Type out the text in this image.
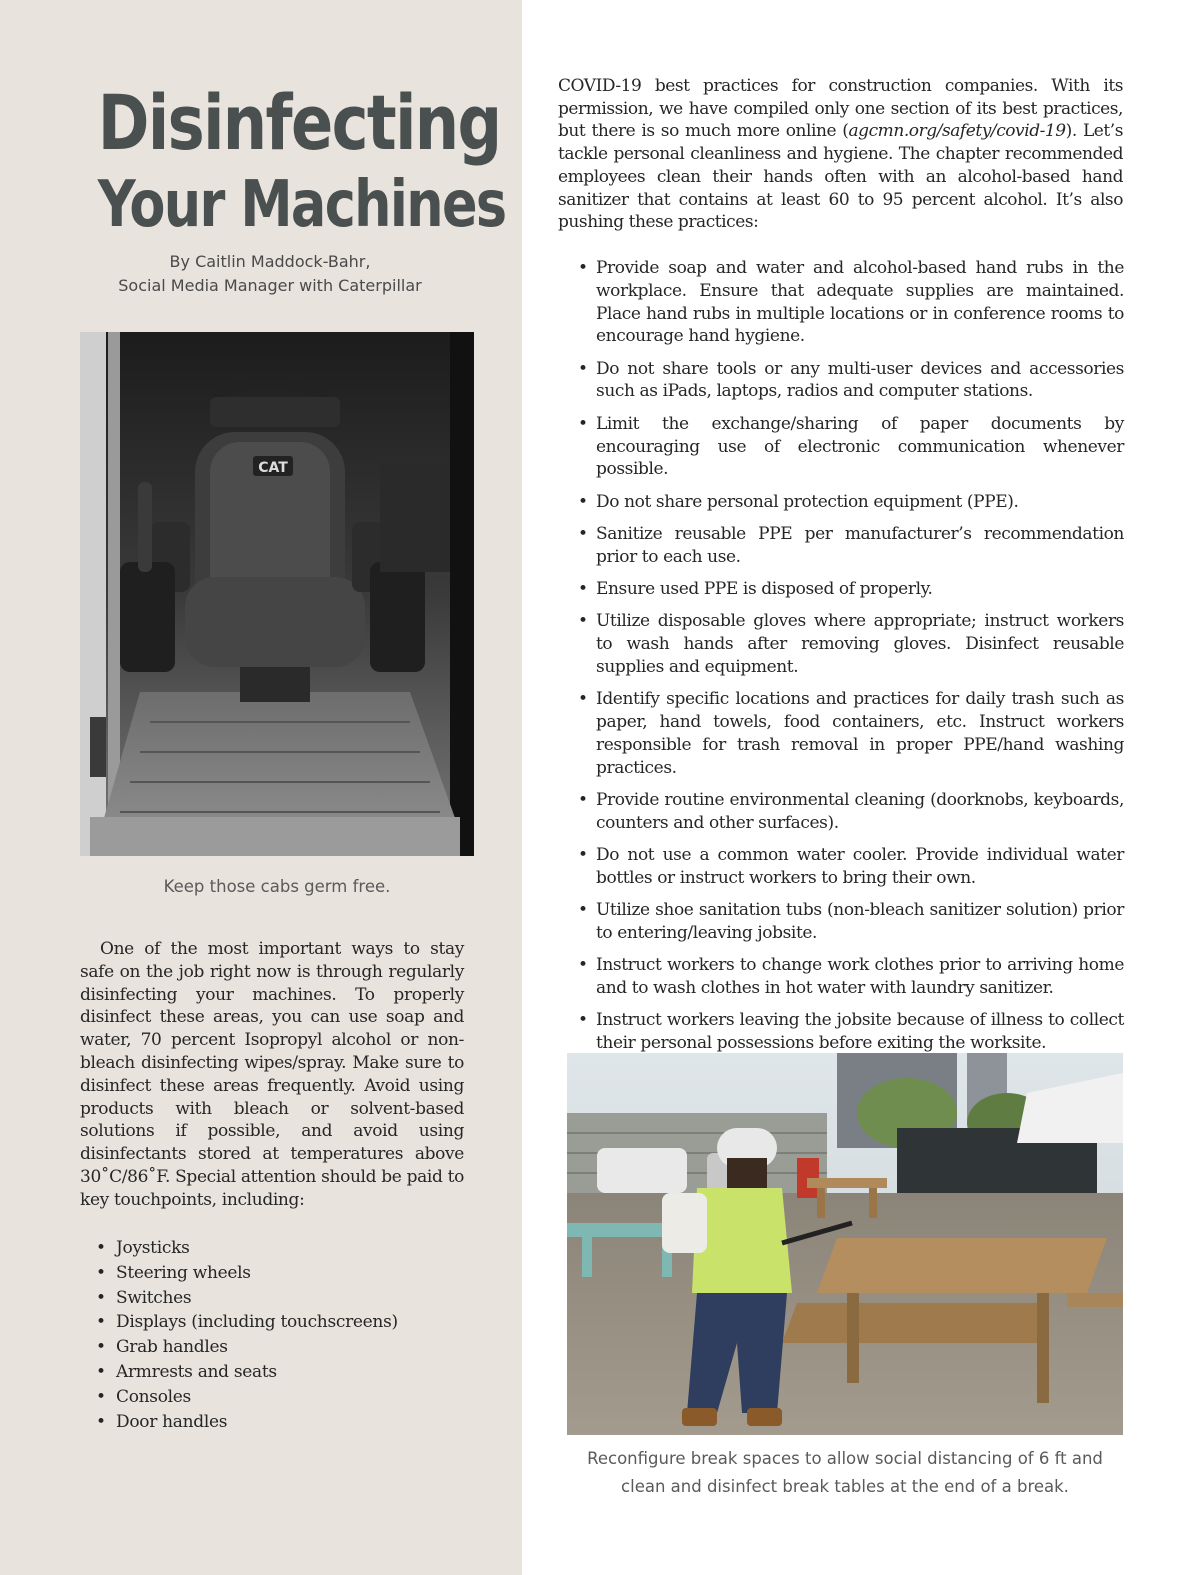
Disinfecting
Your Machines
By Caitlin Maddock-Bahr,
Social Media Manager with Caterpillar
CAT
Keep those cabs germ free.

One of the most important ways to stay safe on the job right now is through regularly disinfecting your machines. To properly disinfect these areas, you can use soap and water, 70 percent Isopropyl alcohol or non-bleach disinfecting wipes/spray. Make sure to disinfect these areas frequently. Avoid using products with bleach or solvent-based solutions if possible, and avoid using disinfectants stored at temperatures above 30˚C/86˚F. Special attention should be paid to key touchpoints, including:

• Joysticks
• Steering wheels
• Switches
• Displays (including touchscreens)
• Grab handles
• Armrests and seats
• Consoles
• Door handles

COVID-19 best practices for construction companies. With its permission, we have compiled only one section of its best practices, but there is so much more online (agcmn.org/safety/covid-19). Let’s tackle personal cleanliness and hygiene. The chapter recommended employees clean their hands often with an alcohol-based hand sanitizer that contains at least 60 to 95 percent alcohol. It’s also pushing these practices:

• Provide soap and water and alcohol-based hand rubs in the workplace. Ensure that adequate supplies are maintained. Place hand rubs in multiple locations or in conference rooms to encourage hand hygiene.
• Do not share tools or any multi-user devices and accessories such as iPads, laptops, radios and computer stations.
• Limit the exchange/sharing of paper documents by encouraging use of electronic communication whenever possible.
• Do not share personal protection equipment (PPE).
• Sanitize reusable PPE per manufacturer’s recommendation prior to each use.
• Ensure used PPE is disposed of properly.
• Utilize disposable gloves where appropriate; instruct workers to wash hands after removing gloves. Disinfect reusable supplies and equipment.
• Identify specific locations and practices for daily trash such as paper, hand towels, food containers, etc. Instruct workers responsible for trash removal in proper PPE/hand washing practices.
• Provide routine environmental cleaning (doorknobs, keyboards, counters and other surfaces).
• Do not use a common water cooler. Provide individual water bottles or instruct workers to bring their own.
• Utilize shoe sanitation tubs (non-bleach sanitizer solution) prior to entering/leaving jobsite.
• Instruct workers to change work clothes prior to arriving home and to wash clothes in hot water with laundry sanitizer.
• Instruct workers leaving the jobsite because of illness to collect their personal possessions before exiting the worksite.
Reconfigure break spaces to allow social distancing of 6 ft and
clean and disinfect break tables at the end of a break.
